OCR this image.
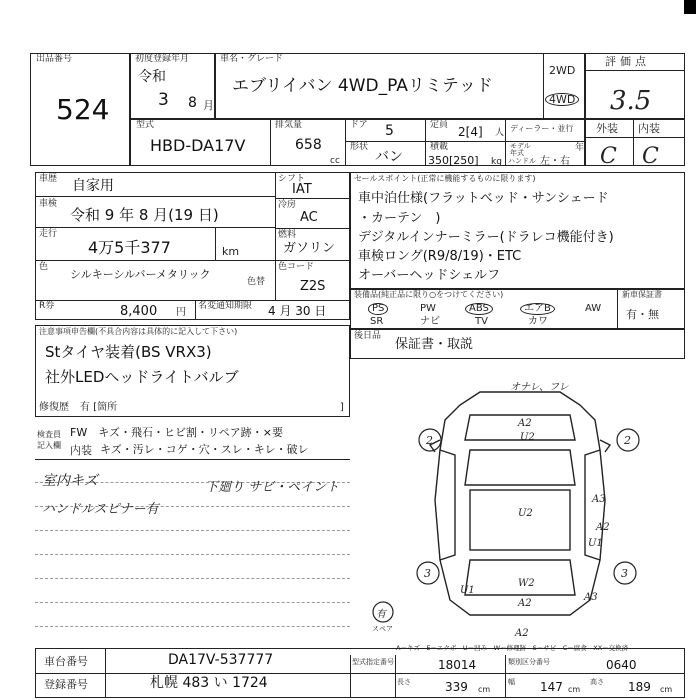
出品番号
524
初度登録年月
令和
3 8 月
車名・グレード
エブリイバン 4WD_PAリミテッド
2WD
4WD
評価点
3.5
外装 内装
C C
型式
HBD-DA17V
排気量
658
cc
ドア 5	定員 2[4] 人 ディーラー・並行
形状
バン
積載
350[250] kg
モデル年式	年
ハンドル 左・右
車歴 自家用
車検
令和 9 年 8 月(19 日)
走行
4万5千377	km
色
シルキーシルバーメタリック
色替
シフト
IAT
冷房
AC
燃料
ガソリン
色コード
Z2S
R券	8,400 円
名変通知期限 4 月 30 日
セールスポイント(正常に機能するものに限ります)
車中泊仕様(フラットベッド・サンシェード
・カーテン　)
デジタルインナーミラー(ドラレコ機能付き)
車検ロング(R9/8/19)・ETC
オーバーヘッドシェルフ
装備品(純正品に限り○をつけてください)
PS	PW	ABS	エアB	AW
SR	ナビ	TV	カワ
新車保証書
有・無
注意事項申告欄(不具合内容は具体的に記入して下さい)
Stタイヤ装着(BS VRX3)
社外LEDヘッドライトバルブ
修復歴 有 [箇所	]
後日品
保証書・取説
検査員記入欄
FW　キズ・飛石・ヒビ割・リペア跡・×要
内装 キズ・汚レ・コゲ・穴・スレ・キレ・破レ
室内キズ
ハンドルスピナー有
下廻り サビ・ペイント
オナレ、フレ
A2
U2
2	2
U2
A3
A2
U1
3	3
U1
W2
A2
A3
A2
有
スペア
A－キズ　E－エクボ　U－凹み　W－修理跡　S－サビ　C－腐食　XX－交換済
車台番号	DA17V-537777
登録番号	札幌 483 い 1724
型式指定番号	18014	類別区分番号	0640
長さ	339 cm
幅 147 cm
高さ 189 cm
